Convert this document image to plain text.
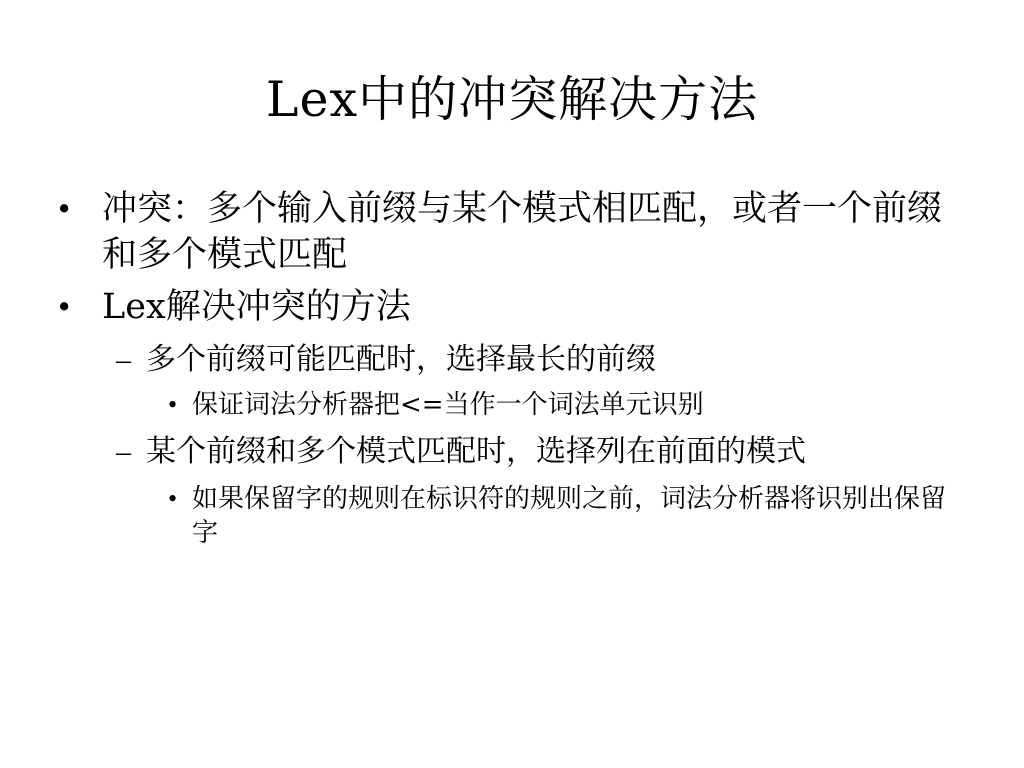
Lex中的冲突解决方法
• 冲突：多个输入前缀与某个模式相匹配，或者一个前缀和多个模式匹配
• Lex解决冲突的方法
– 多个前缀可能匹配时，选择最长的前缀
• 保证词法分析器把<=当作一个词法单元识别
– 某个前缀和多个模式匹配时，选择列在前面的模式
• 如果保留字的规则在标识符的规则之前，词法分析器将识别出保留字
